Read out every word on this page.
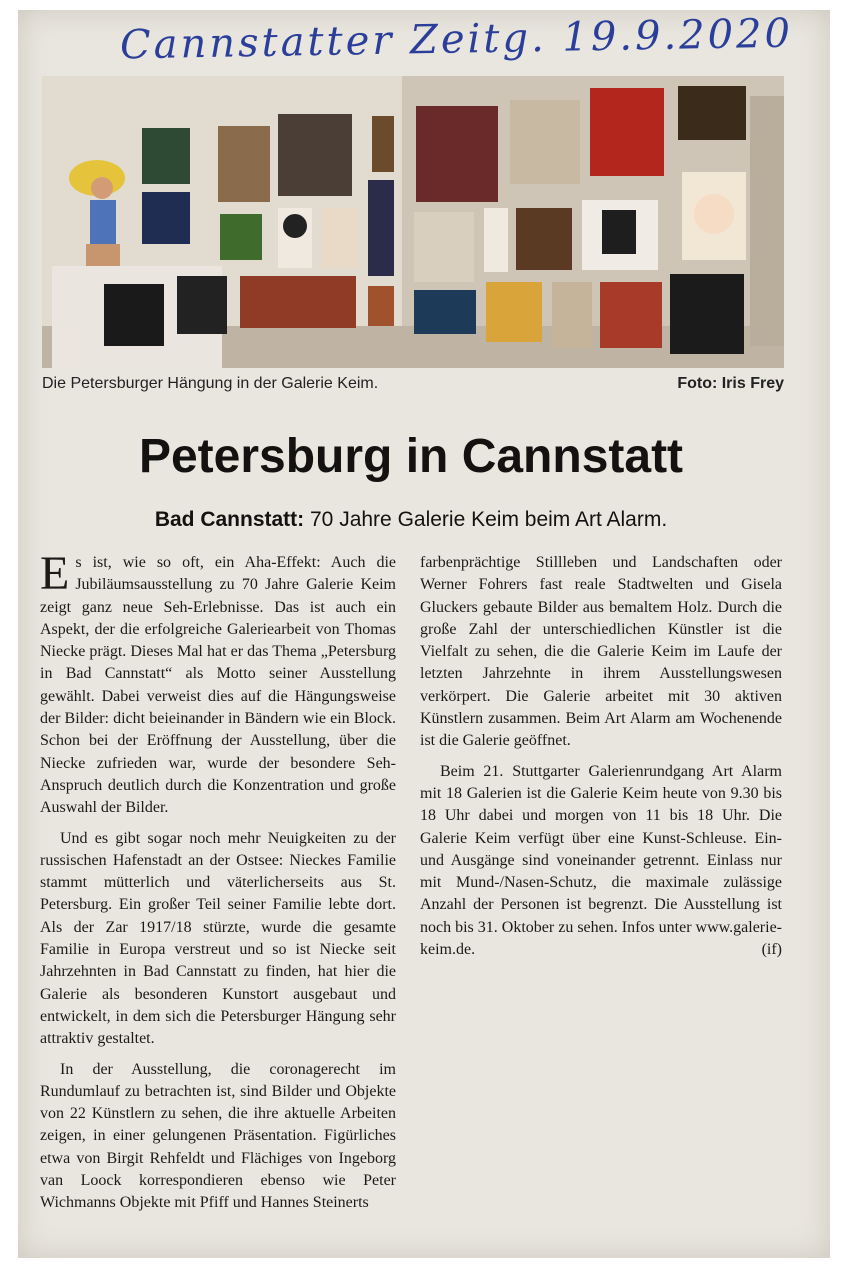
Cannstatter Zeitg. 19.9.2020
Die Petersburger Hängung in der Galerie Keim.	Foto: Iris Frey
Petersburg in Cannstatt
Bad Cannstatt: 70 Jahre Galerie Keim beim Art Alarm.

Es ist, wie so oft, ein Aha-Effekt: Auch die Jubiläumsausstellung zu 70 Jahre Galerie Keim zeigt ganz neue Seh-Erlebnisse. Das ist auch ein Aspekt, der die erfolgreiche Galeriearbeit von Thomas Niecke prägt. Dieses Mal hat er das Thema „Petersburg in Bad Cannstatt“ als Motto seiner Ausstellung gewählt. Dabei verweist dies auf die Hängungsweise der Bilder: dicht beieinander in Bändern wie ein Block. Schon bei der Eröffnung der Ausstellung, über die Niecke zufrieden war, wurde der besondere Seh-Anspruch deutlich durch die Konzentration und große Auswahl der Bilder.

Und es gibt sogar noch mehr Neuigkeiten zu der russischen Hafenstadt an der Ostsee: Nieckes Familie stammt mütterlich und väterlicherseits aus St. Petersburg. Ein großer Teil seiner Familie lebte dort. Als der Zar 1917/18 stürzte, wurde die gesamte Familie in Europa verstreut und so ist Niecke seit Jahrzehnten in Bad Cannstatt zu finden, hat hier die Galerie als besonderen Kunstort ausgebaut und entwickelt, in dem sich die Petersburger Hängung sehr attraktiv gestaltet.

In der Ausstellung, die coronagerecht im Rundumlauf zu betrachten ist, sind Bilder und Objekte von 22 Künstlern zu sehen, die ihre aktuelle Arbeiten zeigen, in einer gelungenen Präsentation. Figürliches etwa von Birgit Rehfeldt und Flächiges von Ingeborg van Loock korrespondieren ebenso wie Peter Wichmanns Objekte mit Pfiff und Hannes Steinerts

farbenprächtige Stillleben und Landschaften oder Werner Fohrers fast reale Stadtwelten und Gisela Gluckers gebaute Bilder aus bemaltem Holz. Durch die große Zahl der unterschiedlichen Künstler ist die Vielfalt zu sehen, die die Galerie Keim im Laufe der letzten Jahrzehnte in ihrem Ausstellungswesen verkörpert. Die Galerie arbeitet mit 30 aktiven Künstlern zusammen. Beim Art Alarm am Wochenende ist die Galerie geöffnet.

Beim 21. Stuttgarter Galerienrundgang Art Alarm mit 18 Galerien ist die Galerie Keim heute von 9.30 bis 18 Uhr dabei und morgen von 11 bis 18 Uhr. Die Galerie Keim verfügt über eine Kunst-Schleuse. Ein- und Ausgänge sind voneinander getrennt. Einlass nur mit Mund-/Nasen-Schutz, die maximale zulässige Anzahl der Personen ist begrenzt. Die Ausstellung ist noch bis 31. Oktober zu sehen. Infos unter www.galerie-keim.de.	(if)
